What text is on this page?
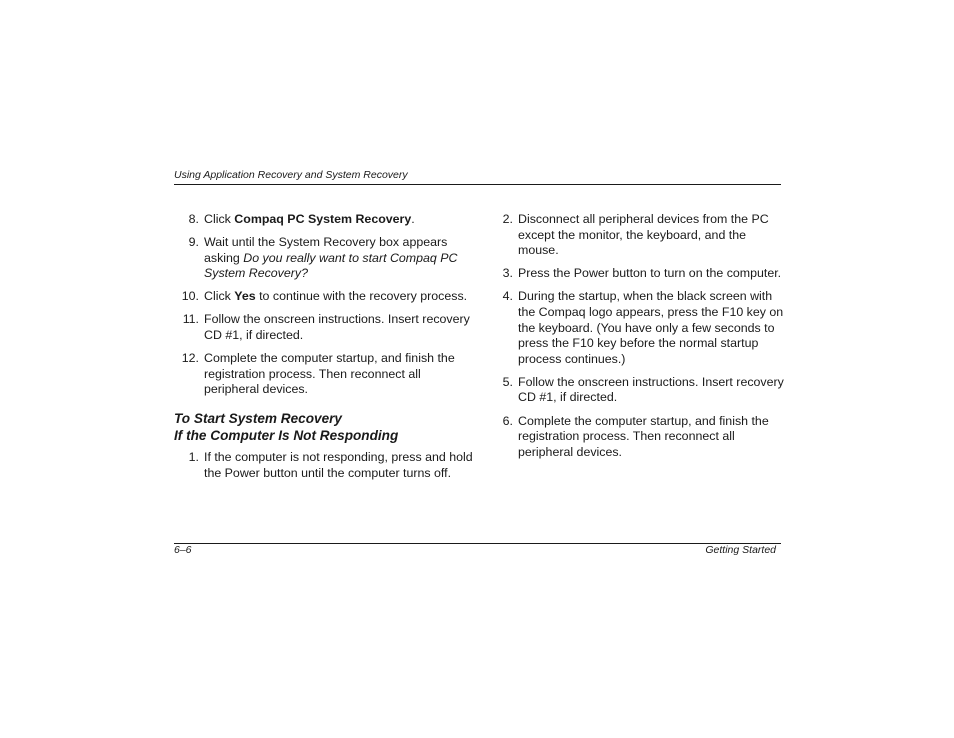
Using Application Recovery and System Recovery
8. Click Compaq PC System Recovery.
9. Wait until the System Recovery box appears asking Do you really want to start Compaq PC System Recovery?
10. Click Yes to continue with the recovery process.
11. Follow the onscreen instructions. Insert recovery CD #1, if directed.
12. Complete the computer startup, and finish the registration process. Then reconnect all peripheral devices.
To Start System Recovery
If the Computer Is Not Responding
1. If the computer is not responding, press and hold the Power button until the computer turns off.
2. Disconnect all peripheral devices from the PC except the monitor, the keyboard, and the mouse.
3. Press the Power button to turn on the computer.
4. During the startup, when the black screen with the Compaq logo appears, press the F10 key on the keyboard. (You have only a few seconds to press the F10 key before the normal startup process continues.)
5. Follow the onscreen instructions. Insert recovery CD #1, if directed.
6. Complete the computer startup, and finish the registration process. Then reconnect all peripheral devices.
6–6	Getting Started
